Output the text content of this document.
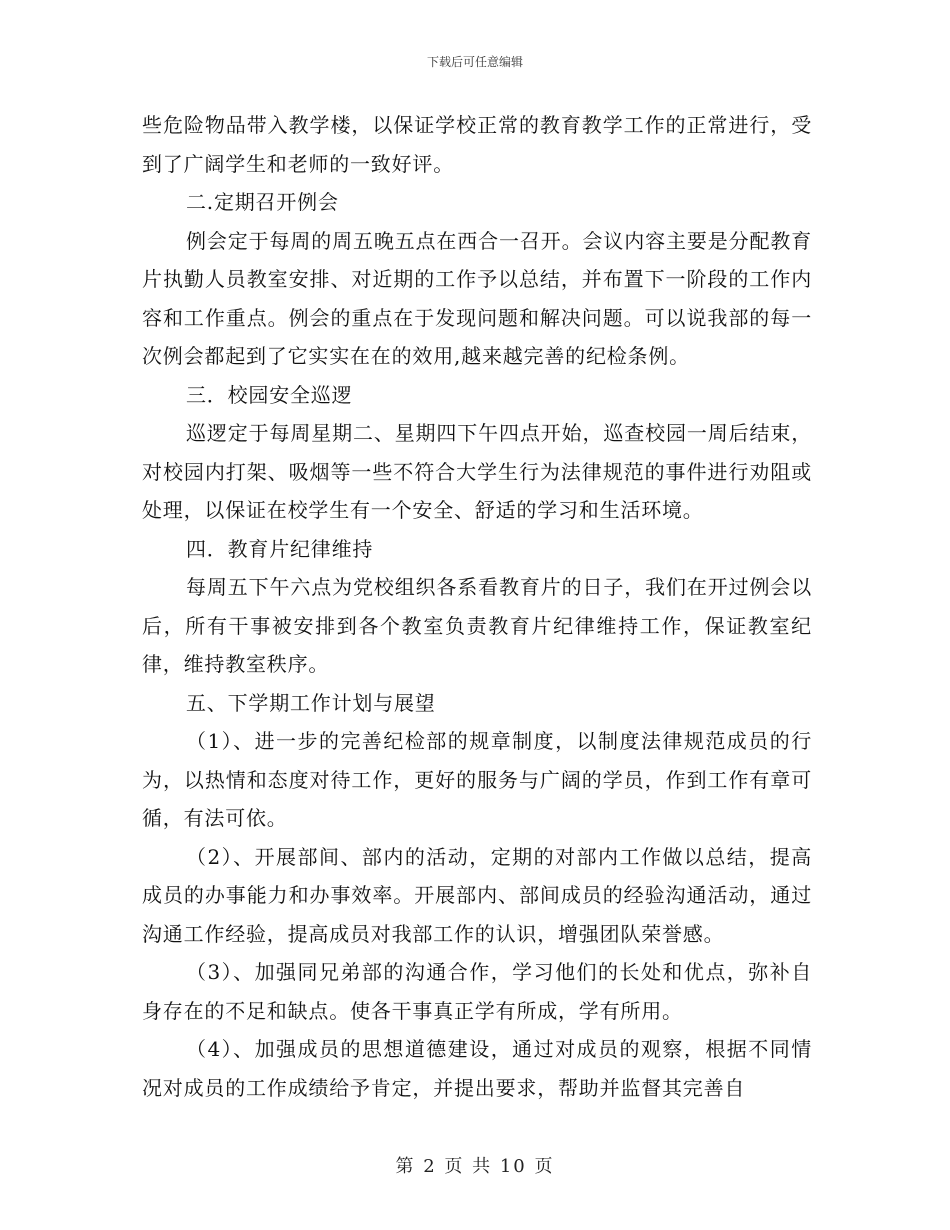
下载后可任意编辑

些危险物品带入教学楼，以保证学校正常的教育教学工作的正常进行，受到了广阔学生和老师的一致好评。

二.定期召开例会

例会定于每周的周五晚五点在西合一召开。会议内容主要是分配教育片执勤人员教室安排、对近期的工作予以总结，并布置下一阶段的工作内容和工作重点。例会的重点在于发现问题和解决问题。可以说我部的每一次例会都起到了它实实在在的效用,越来越完善的纪检条例。

三．校园安全巡逻

巡逻定于每周星期二、星期四下午四点开始，巡查校园一周后结束，对校园内打架、吸烟等一些不符合大学生行为法律规范的事件进行劝阻或处理，以保证在校学生有一个安全、舒适的学习和生活环境。

四．教育片纪律维持

每周五下午六点为党校组织各系看教育片的日子，我们在开过例会以后，所有干事被安排到各个教室负责教育片纪律维持工作，保证教室纪律，维持教室秩序。

五、下学期工作计划与展望

（1）、进一步的完善纪检部的规章制度，以制度法律规范成员的行为，以热情和态度对待工作，更好的服务与广阔的学员，作到工作有章可循，有法可依。

（2）、开展部间、部内的活动，定期的对部内工作做以总结，提高成员的办事能力和办事效率。开展部内、部间成员的经验沟通活动，通过沟通工作经验，提高成员对我部工作的认识，增强团队荣誉感。

（3）、加强同兄弟部的沟通合作，学习他们的长处和优点，弥补自身存在的不足和缺点。使各干事真正学有所成，学有所用。

（4）、加强成员的思想道德建设，通过对成员的观察，根据不同情况对成员的工作成绩给予肯定，并提出要求，帮助并监督其完善自

第 2 页 共 10 页
